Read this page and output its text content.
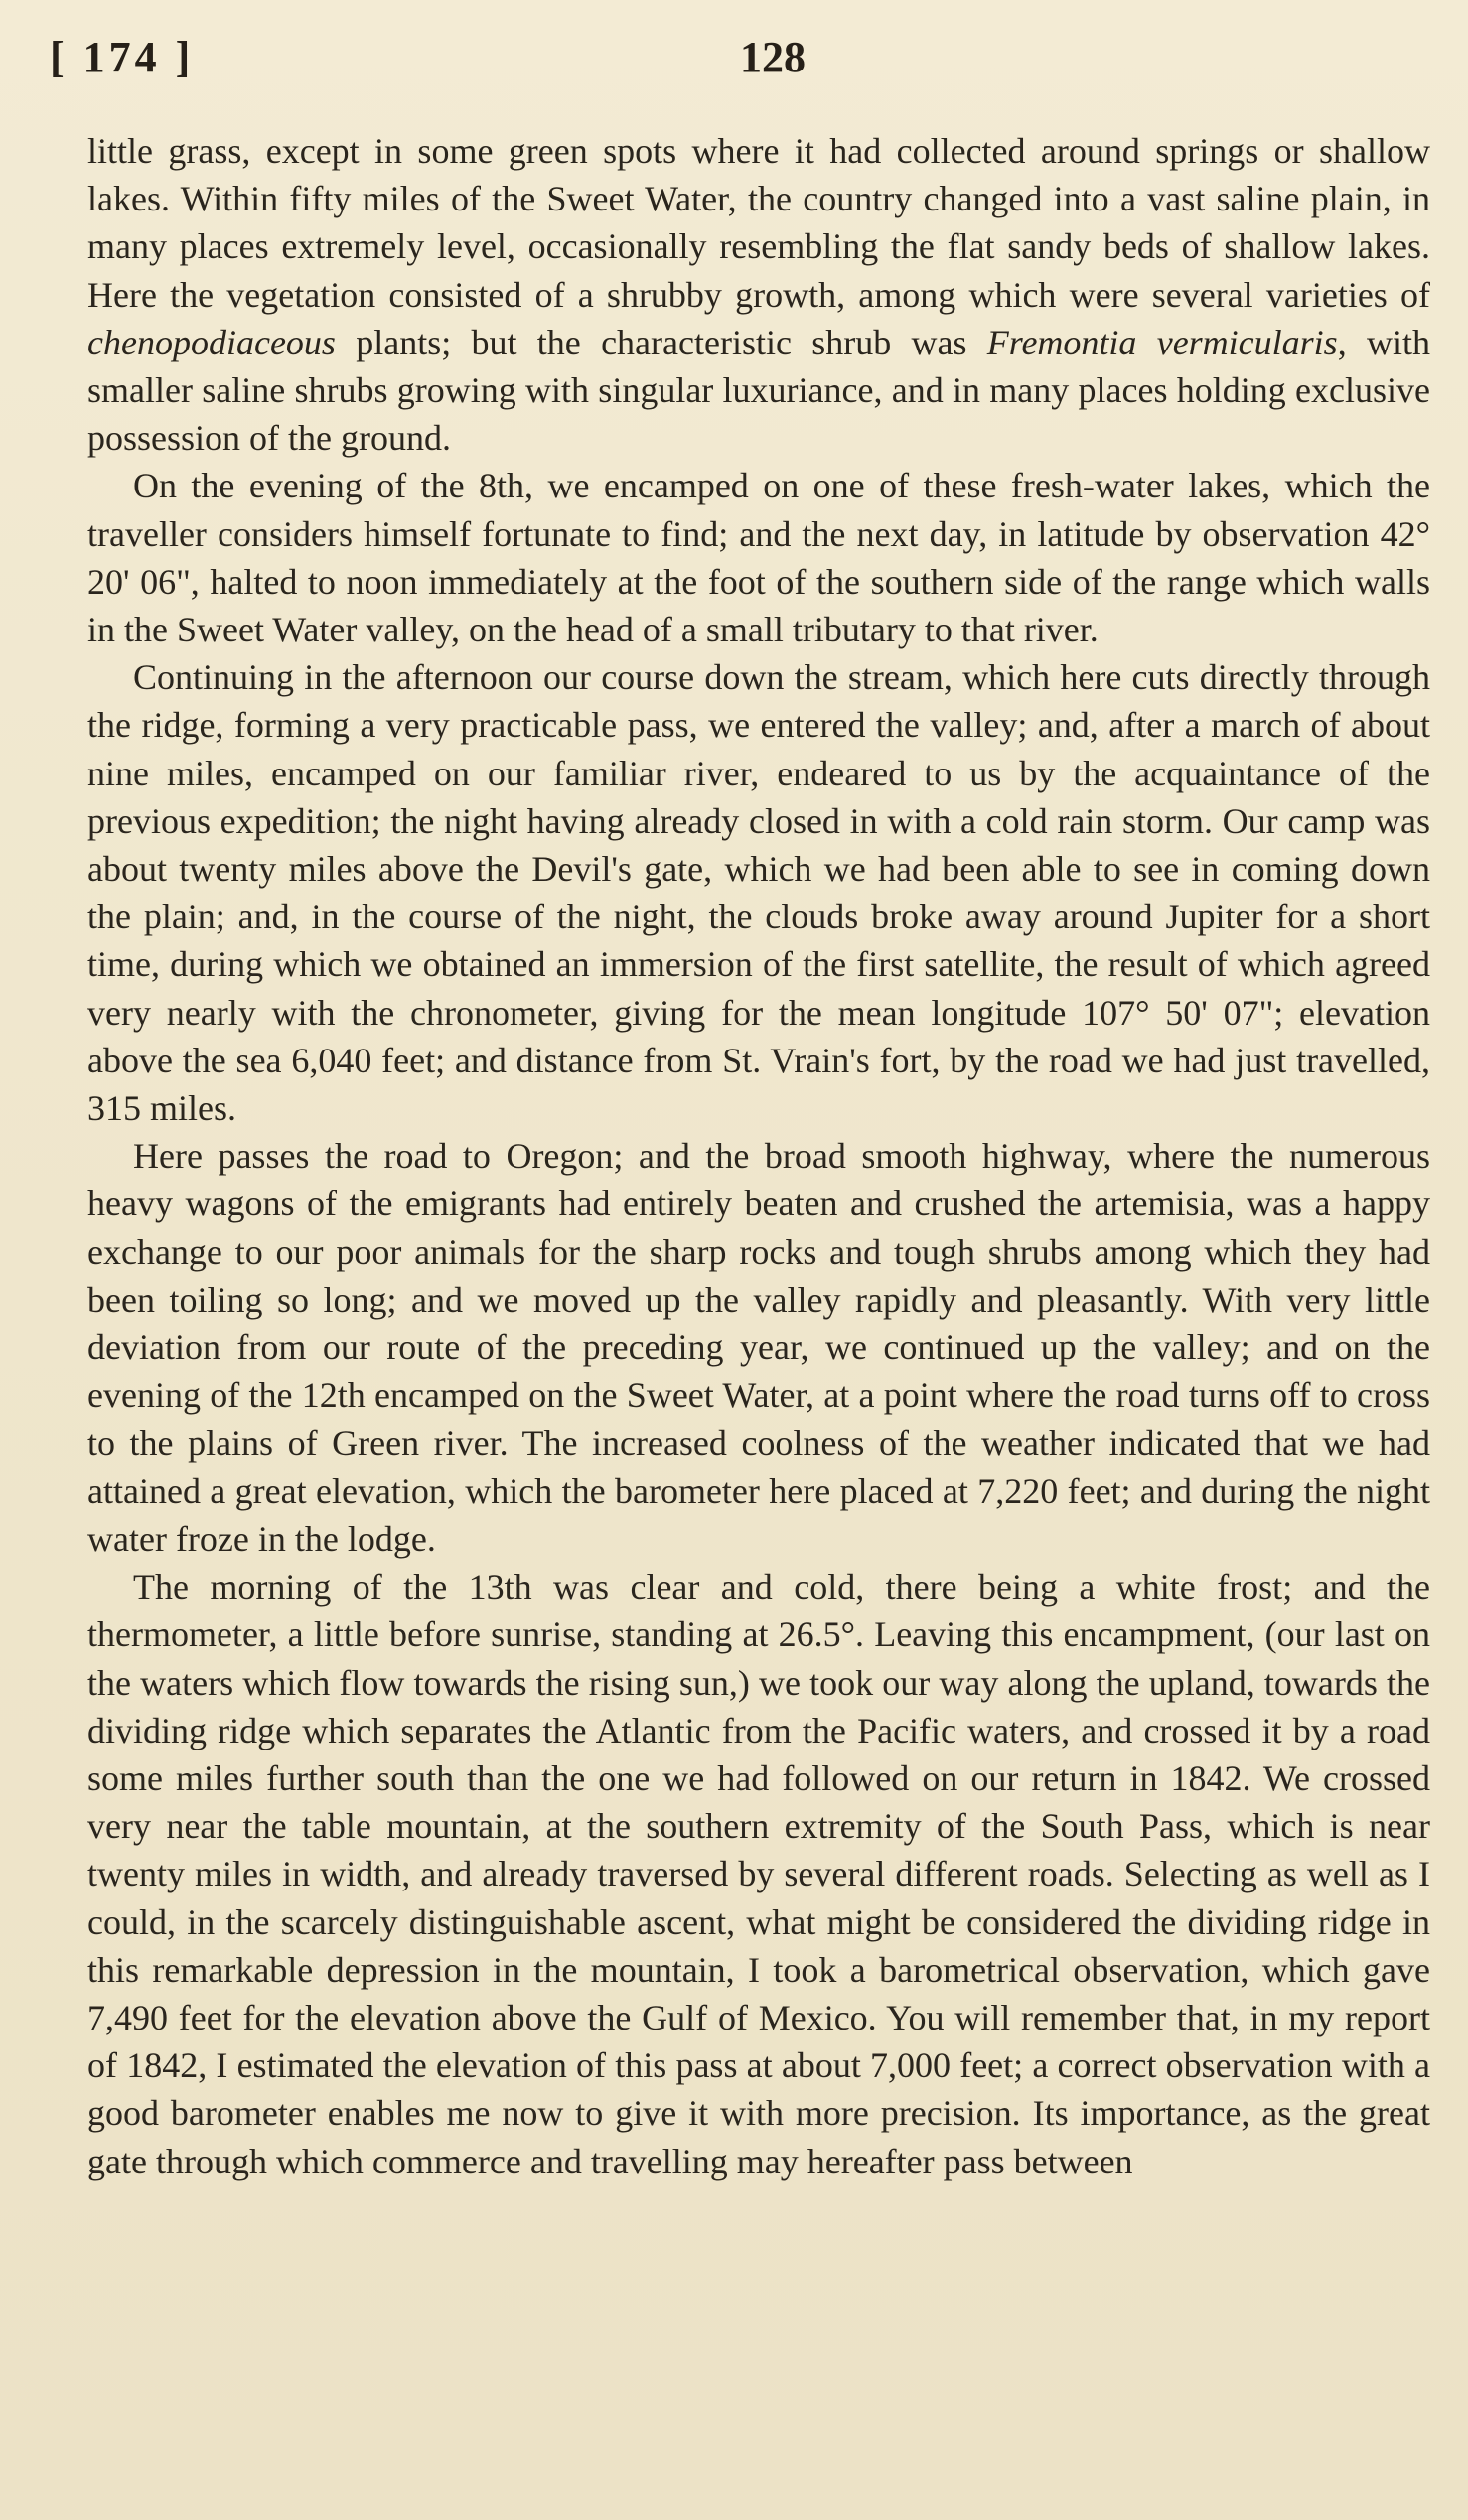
[ 174 ]	128

little grass, except in some green spots where it had collected around springs or shallow lakes. Within fifty miles of the Sweet Water, the country changed into a vast saline plain, in many places extremely level, occasionally resembling the flat sandy beds of shallow lakes. Here the vegetation consisted of a shrubby growth, among which were several varieties of chenopodiaceous plants; but the characteristic shrub was Fremontia vermicularis, with smaller saline shrubs growing with singular luxuriance, and in many places holding exclusive possession of the ground.

On the evening of the 8th, we encamped on one of these fresh-water lakes, which the traveller considers himself fortunate to find; and the next day, in latitude by observation 42° 20' 06", halted to noon immediately at the foot of the southern side of the range which walls in the Sweet Water valley, on the head of a small tributary to that river.

Continuing in the afternoon our course down the stream, which here cuts directly through the ridge, forming a very practicable pass, we entered the valley; and, after a march of about nine miles, encamped on our familiar river, endeared to us by the acquaintance of the previous expedition; the night having already closed in with a cold rain storm. Our camp was about twenty miles above the Devil's gate, which we had been able to see in coming down the plain; and, in the course of the night, the clouds broke away around Jupiter for a short time, during which we obtained an immersion of the first satellite, the result of which agreed very nearly with the chronometer, giving for the mean longitude 107° 50' 07"; elevation above the sea 6,040 feet; and distance from St. Vrain's fort, by the road we had just travelled, 315 miles.

Here passes the road to Oregon; and the broad smooth highway, where the numerous heavy wagons of the emigrants had entirely beaten and crushed the artemisia, was a happy exchange to our poor animals for the sharp rocks and tough shrubs among which they had been toiling so long; and we moved up the valley rapidly and pleasantly. With very little deviation from our route of the preceding year, we continued up the valley; and on the evening of the 12th encamped on the Sweet Water, at a point where the road turns off to cross to the plains of Green river. The increased coolness of the weather indicated that we had attained a great elevation, which the barometer here placed at 7,220 feet; and during the night water froze in the lodge.

The morning of the 13th was clear and cold, there being a white frost; and the thermometer, a little before sunrise, standing at 26.5°. Leaving this encampment, (our last on the waters which flow towards the rising sun,) we took our way along the upland, towards the dividing ridge which separates the Atlantic from the Pacific waters, and crossed it by a road some miles further south than the one we had followed on our return in 1842. We crossed very near the table mountain, at the southern extremity of the South Pass, which is near twenty miles in width, and already traversed by several different roads. Selecting as well as I could, in the scarcely distinguishable ascent, what might be considered the dividing ridge in this remarkable depression in the mountain, I took a barometrical observation, which gave 7,490 feet for the elevation above the Gulf of Mexico. You will remember that, in my report of 1842, I estimated the elevation of this pass at about 7,000 feet; a correct observation with a good barometer enables me now to give it with more precision. Its importance, as the great gate through which commerce and travelling may hereafter pass between
